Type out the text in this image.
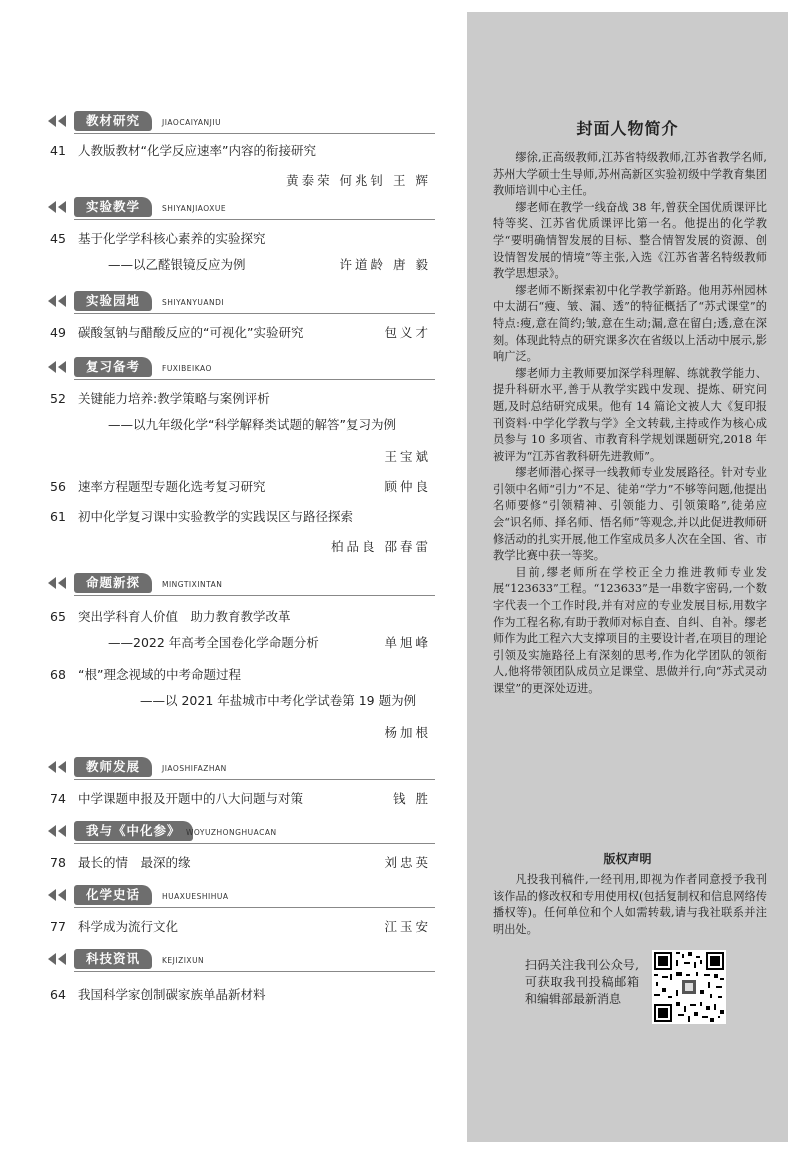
教材研究	JIAOCAIYANJIU
41 人教版教材“化学反应速率”内容的衔接研究
黄泰荣 何兆钊 王 辉
实验教学	SHIYANJIAOXUE
45 基于化学学科核心素养的实验探究
——以乙醛银镜反应为例	许道龄 唐 毅
实验园地	SHIYANYUANDI
49 碳酸氢钠与醋酸反应的“可视化”实验研究	包义才
复习备考	FUXIBEIKAO
52 关键能力培养:教学策略与案例评析
——以九年级化学“科学解释类试题的解答”复习为例
王宝斌
56 速率方程题型专题化选考复习研究	顾仲良
61 初中化学复习课中实验教学的实践误区与路径探索
柏品良 邵春雷
命题新探	MINGTIXINTAN
65 突出学科育人价值　助力教育教学改革
——2022 年高考全国卷化学命题分析	单旭峰
68 “根”理念视域的中考命题过程
——以 2021 年盐城市中考化学试卷第 19 题为例
杨加根
教师发展	JIAOSHIFAZHAN
74 中学课题申报及开题中的八大问题与对策	钱 胜
我与《中化参》 WOYUZHONGHUACAN
78 最长的情　最深的缘	刘忠英
化学史话	HUAXUESHIHUA
77 科学成为流行文化	江玉安
科技资讯	KEJIZIXUN
64 我国科学家创制碳家族单晶新材料
封面人物简介

缪徐,正高级教师,江苏省特级教师,江苏省教学名师,苏州大学硕士生导师,苏州高新区实验初级中学教育集团教师培训中心主任。

缪老师在教学一线奋战 38 年,曾获全国优质课评比特等奖、江苏省优质课评比第一名。他提出的化学教学“要明确情智发展的目标、整合情智发展的资源、创设情智发展的情境”等主张,入选《江苏省著名特级教师教学思想录》。

缪老师不断探索初中化学教学新路。他用苏州园林中太湖石“瘦、皱、漏、透”的特征概括了“苏式课堂”的特点:瘦,意在简约;皱,意在生动;漏,意在留白;透,意在深刻。体现此特点的研究课多次在省级以上活动中展示,影响广泛。

缪老师力主教师要加深学科理解、练就教学能力、提升科研水平,善于从教学实践中发现、提炼、研究问题,及时总结研究成果。他有 14 篇论文被人大《复印报刊资料·中学化学教与学》全文转载,主持或作为核心成员参与 10 多项省、市教育科学规划课题研究,2018 年被评为“江苏省教科研先进教师”。

缪老师潜心探寻一线教师专业发展路径。针对专业引领中名师“引力”不足、徒弟“学力”不够等问题,他提出名师要修“引领精神、引领能力、引领策略”,徒弟应会“识名师、择名师、悟名师”等观念,并以此促进教师研修活动的扎实开展,他工作室成员多人次在全国、省、市教学比赛中获一等奖。

目前,缪老师所在学校正全力推进教师专业发展“123633”工程。“123633”是一串数字密码,一个数字代表一个工作时段,并有对应的专业发展目标,用数字作为工程名称,有助于教师对标自查、自纠、自补。缪老师作为此工程六大支撑项目的主要设计者,在项目的理论引领及实施路径上有深刻的思考,作为化学团队的领衔人,他将带领团队成员立足课堂、思做并行,向“苏式灵动课堂”的更深处迈进。

版权声明
凡投我刊稿件,一经刊用,即视为作者同意授予我刊该作品的修改权和专用使用权(包括复制权和信息网络传播权等)。任何单位和个人如需转载,请与我社联系并注明出处。
扫码关注我刊公众号,可获取我刊投稿邮箱和编辑部最新消息
